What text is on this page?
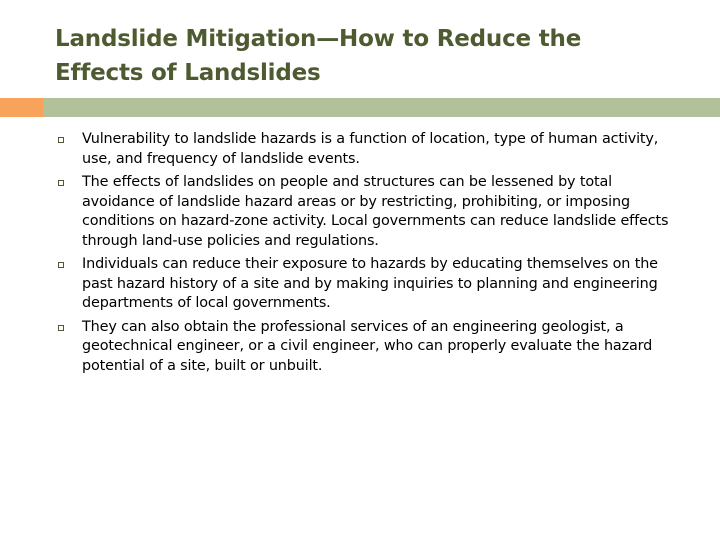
Landslide Mitigation—How to Reduce the
Effects of Landslides
Vulnerability to landslide hazards is a function of location, type of human activity, use, and frequency of landslide events.
The effects of landslides on people and structures can be lessened by total avoidance of landslide hazard areas or by restricting, prohibiting, or imposing conditions on hazard-zone activity. Local governments can reduce landslide effects through land-use policies and regulations.
Individuals can reduce their exposure to hazards by educating themselves on the past hazard history of a site and by making inquiries to planning and engineering departments of local governments.
They can also obtain the professional services of an engineering geologist, a geotechnical engineer, or a civil engineer, who can properly evaluate the hazard potential of a site, built or unbuilt.
